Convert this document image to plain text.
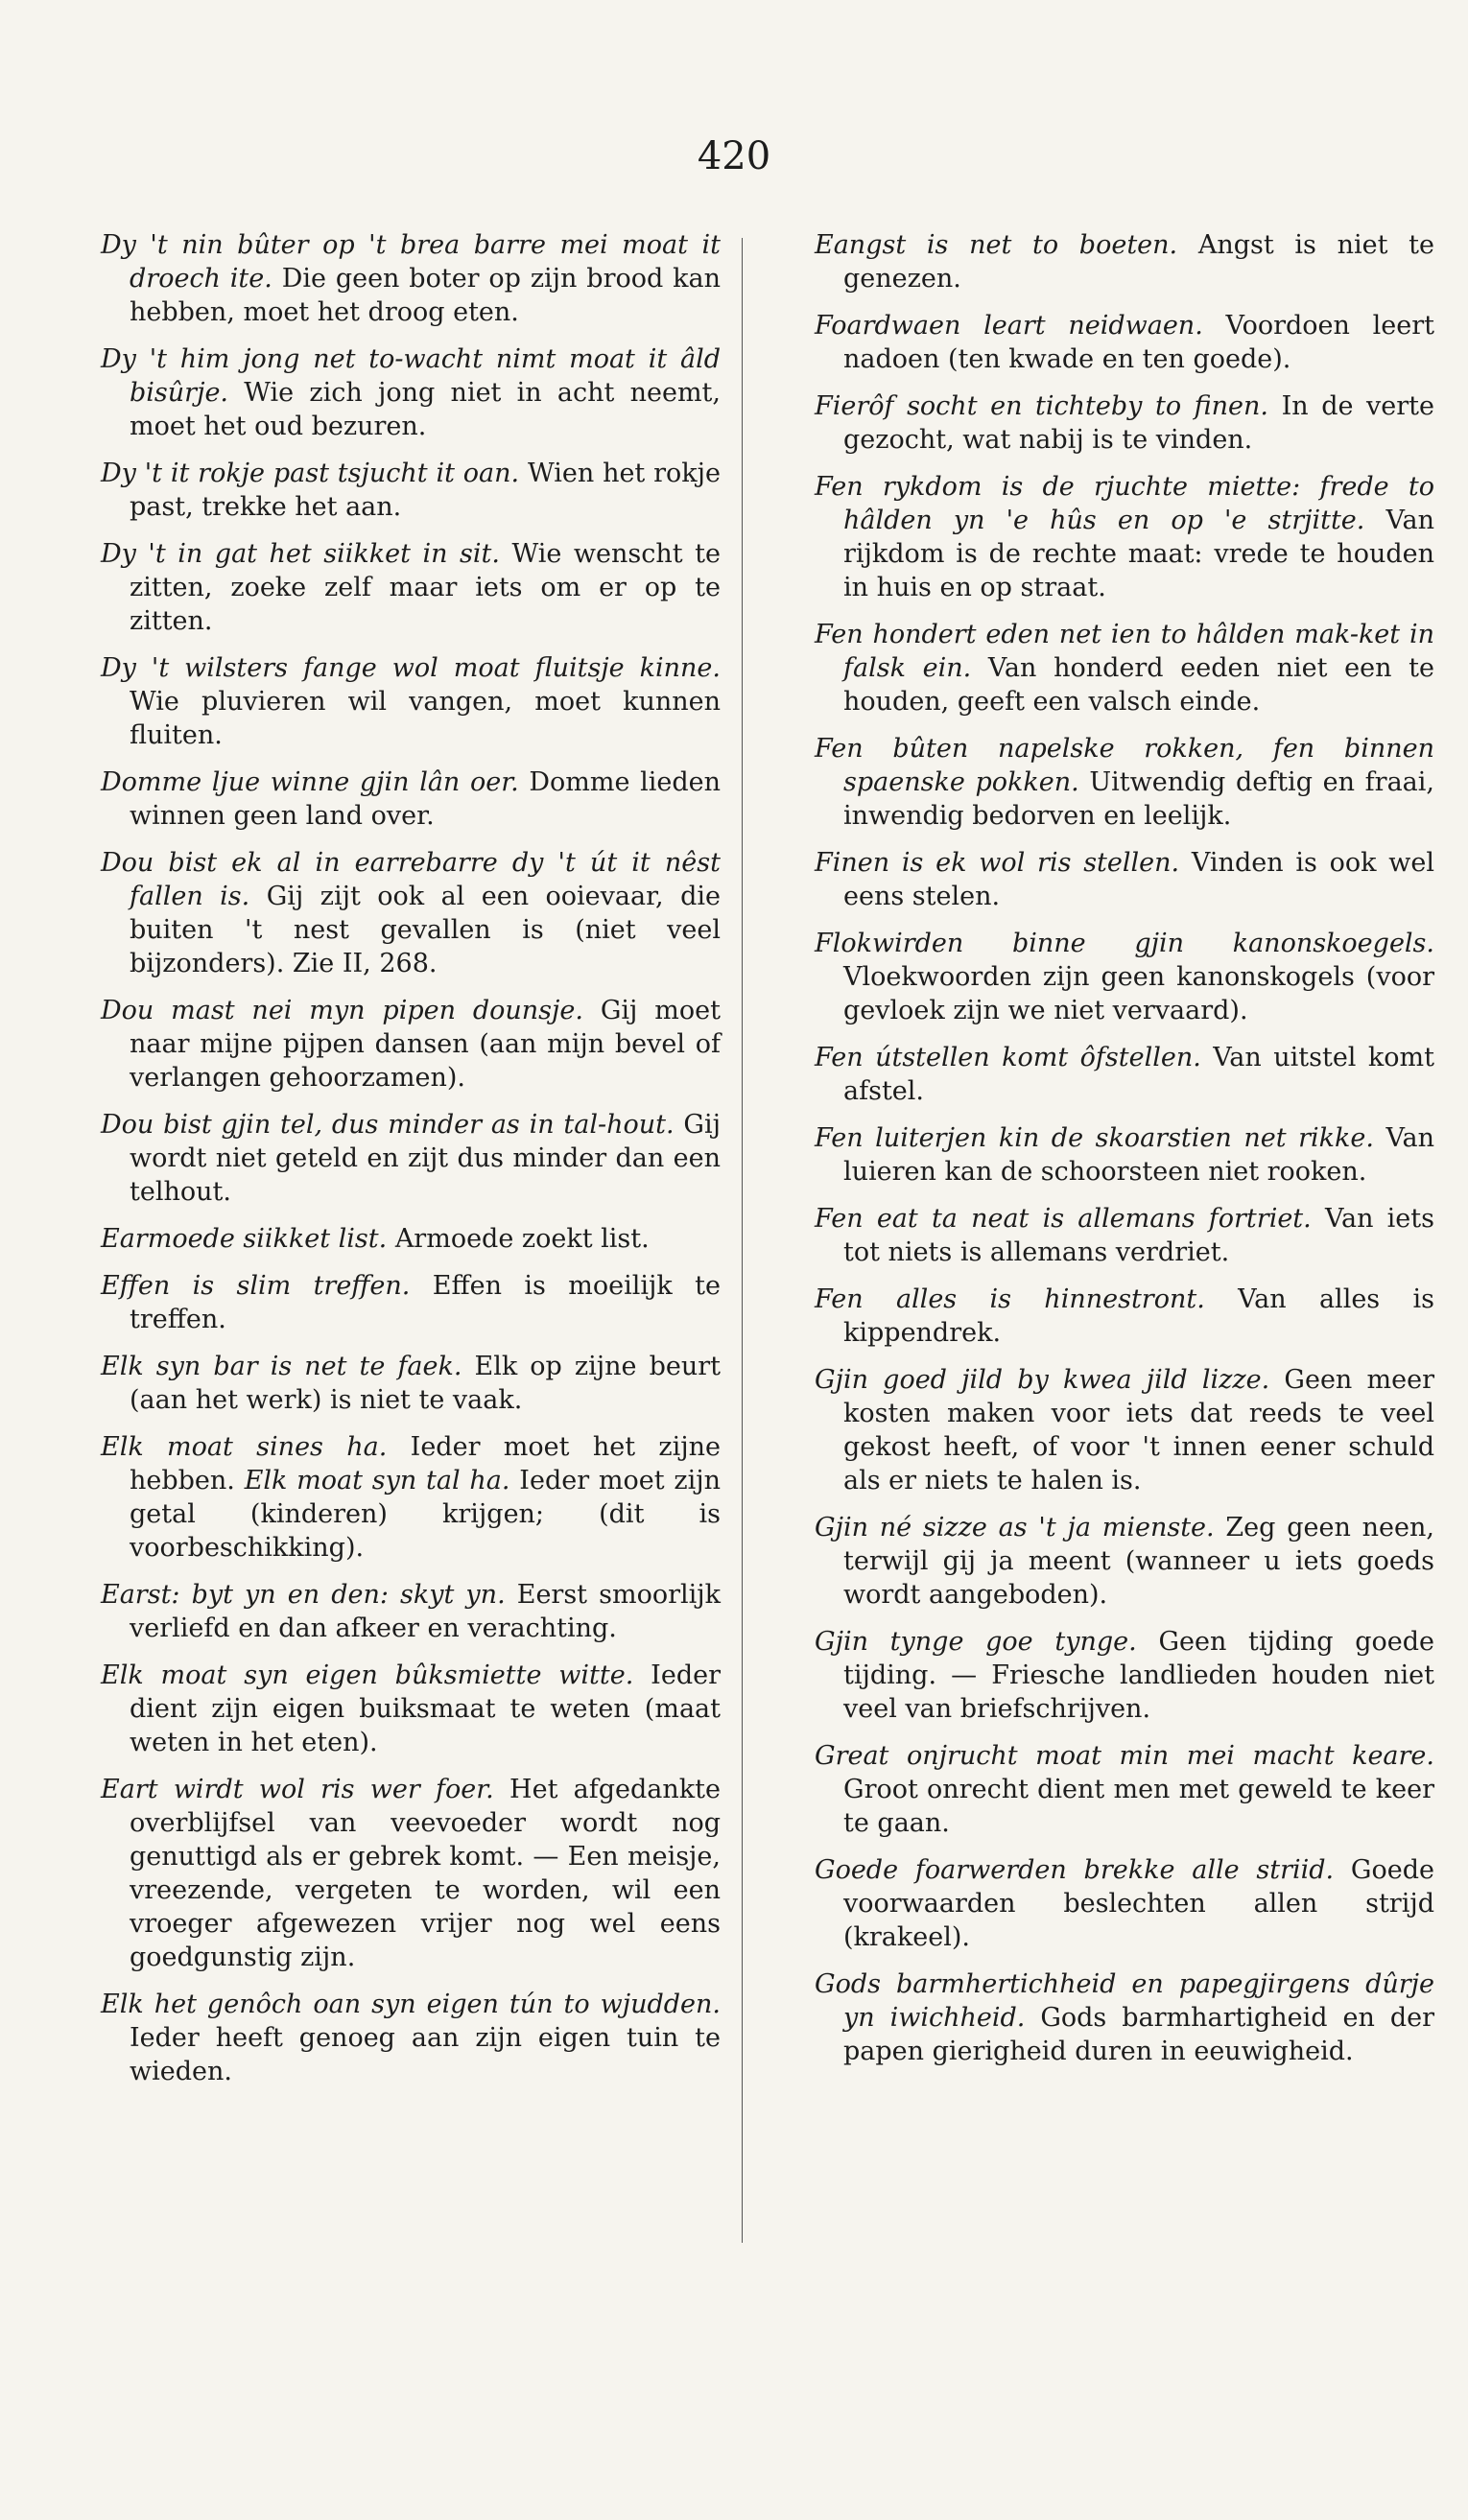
420

Dy 't nin bûter op 't brea barre mei moat it droech ite. Die geen boter op zijn brood kan hebben, moet het droog eten.

Dy 't him jong net to-wacht nimt moat it âld bisûrje. Wie zich jong niet in acht neemt, moet het oud bezuren.

Dy 't it rokje past tsjucht it oan. Wien het rokje past, trekke het aan.

Dy 't in gat het siikket in sit. Wie wenscht te zitten, zoeke zelf maar iets om er op te zitten.

Dy 't wilsters fange wol moat fluitsje kinne. Wie pluvieren wil vangen, moet kunnen fluiten.

Domme ljue winne gjin lân oer. Domme lieden winnen geen land over.

Dou bist ek al in earrebarre dy 't út it nêst fallen is. Gij zijt ook al een ooievaar, die buiten 't nest gevallen is (niet veel bijzonders). Zie II, 268.

Dou mast nei myn pipen dounsje. Gij moet naar mijne pijpen dansen (aan mijn bevel of verlangen gehoorzamen).

Dou bist gjin tel, dus minder as in tal-hout. Gij wordt niet geteld en zijt dus minder dan een telhout.

Earmoede siikket list. Armoede zoekt list.

Effen is slim treffen. Effen is moeilijk te treffen.

Elk syn bar is net te faek. Elk op zijne beurt (aan het werk) is niet te vaak.

Elk moat sines ha. Ieder moet het zijne hebben. Elk moat syn tal ha. Ieder moet zijn getal (kinderen) krijgen; (dit is voorbeschikking).

Earst: byt yn en den: skyt yn. Eerst smoorlijk verliefd en dan afkeer en verachting.

Elk moat syn eigen bûksmiette witte. Ieder dient zijn eigen buiksmaat te weten (maat weten in het eten).

Eart wirdt wol ris wer foer. Het afgedankte overblijfsel van veevoeder wordt nog genuttigd als er gebrek komt. — Een meisje, vreezende, vergeten te worden, wil een vroeger afgewezen vrijer nog wel eens goedgunstig zijn.

Elk het genôch oan syn eigen tún to wjudden. Ieder heeft genoeg aan zijn eigen tuin te wieden.

Eangst is net to boeten. Angst is niet te genezen.

Foardwaen leart neidwaen. Voordoen leert nadoen (ten kwade en ten goede).

Fierôf socht en tichteby to finen. In de verte gezocht, wat nabij is te vinden.

Fen rykdom is de rjuchte miette: frede to hâlden yn 'e hûs en op 'e strjitte. Van rijkdom is de rechte maat: vrede te houden in huis en op straat.

Fen hondert eden net ien to hâlden mak-ket in falsk ein. Van honderd eeden niet een te houden, geeft een valsch einde.

Fen bûten napelske rokken, fen binnen spaenske pokken. Uitwendig deftig en fraai, inwendig bedorven en leelijk.

Finen is ek wol ris stellen. Vinden is ook wel eens stelen.

Flokwirden binne gjin kanonskoegels. Vloekwoorden zijn geen kanonskogels (voor gevloek zijn we niet vervaard).

Fen útstellen komt ôfstellen. Van uitstel komt afstel.

Fen luiterjen kin de skoarstien net rikke. Van luieren kan de schoorsteen niet rooken.

Fen eat ta neat is allemans fortriet. Van iets tot niets is allemans verdriet.

Fen alles is hinnestront. Van alles is kippendrek.

Gjin goed jild by kwea jild lizze. Geen meer kosten maken voor iets dat reeds te veel gekost heeft, of voor 't innen eener schuld als er niets te halen is.

Gjin né sizze as 't ja mienste. Zeg geen neen, terwijl gij ja meent (wanneer u iets goeds wordt aangeboden).

Gjin tynge goe tynge. Geen tijding goede tijding. — Friesche landlieden houden niet veel van briefschrijven.

Great onjrucht moat min mei macht keare. Groot onrecht dient men met geweld te keer te gaan.

Goede foarwerden brekke alle striid. Goede voorwaarden beslechten allen strijd (krakeel).

Gods barmhertichheid en papegjirgens dûrje yn iwichheid. Gods barmhartigheid en der papen gierigheid duren in eeuwigheid.
